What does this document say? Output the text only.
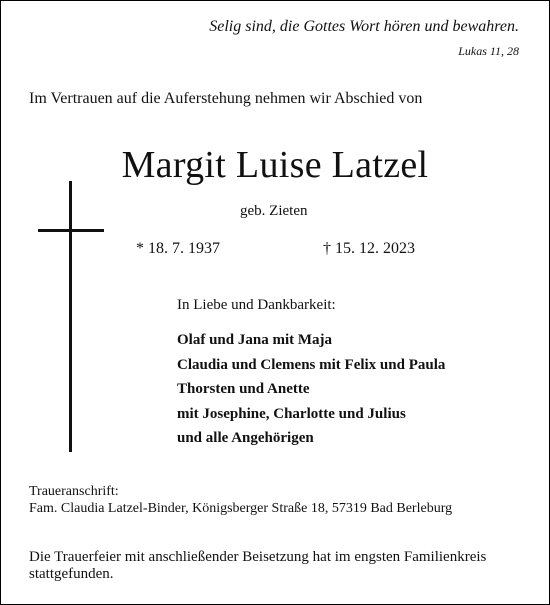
Selig sind, die Gottes Wort hören und bewahren.
Lukas 11, 28
Im Vertrauen auf die Auferstehung nehmen wir Abschied von
Margit Luise Latzel
geb. Zieten
* 18. 7. 1937	† 15. 12. 2023
In Liebe und Dankbarkeit:
Olaf und Jana mit Maja
Claudia und Clemens mit Felix und Paula
Thorsten und Anette
mit Josephine, Charlotte und Julius
und alle Angehörigen
Traueranschrift:
Fam. Claudia Latzel-Binder, Königsberger Straße 18, 57319 Bad Berleburg
Die Trauerfeier mit anschließender Beisetzung hat im engsten Familienkreis stattgefunden.
